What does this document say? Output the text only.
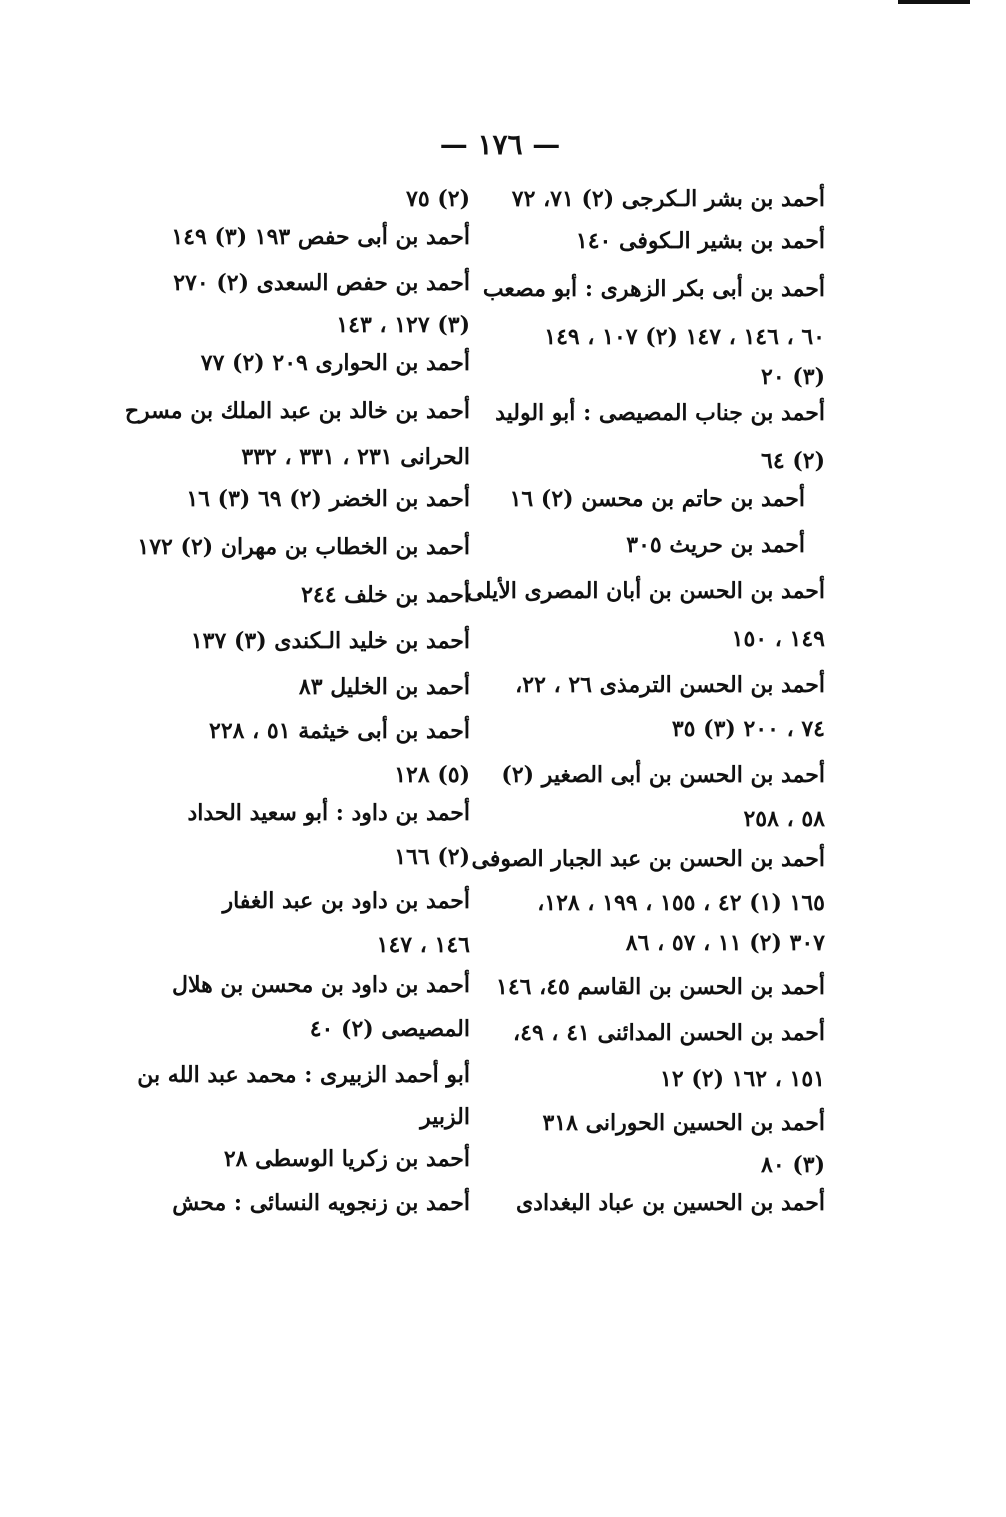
— ١٧٦ —
أحمد بن بشر الـكرجى (٢) ٧١، ٧٢
أحمد بن بشير الـكوفى ١٤٠
أحمد بن أبى بكر الزهرى : أبو مصعب
٦٠ ، ١٤٦ ، ١٤٧ (٢) ١٠٧ ، ١٤٩
(٣) ٢٠
أحمد بن جناب المصيصى : أبو الوليد
(٢) ٦٤
أحمد بن حاتم بن محسن (٢) ١٦
أحمد بن حريث ٣٠٥
أحمد بن الحسن بن أبان المصرى الأيلى
١٤٩ ، ١٥٠
أحمد بن الحسن الترمذى ٢٦ ، ٢٢،
٧٤ ، ٢٠٠ (٣) ٣٥
أحمد بن الحسن بن أبى الصغير (٢)
٥٨ ، ٢٥٨
أحمد بن الحسن بن عبد الجبار الصوفى
١٦٥ (١) ٤٢ ، ١٥٥ ، ١٩٩ ، ١٢٨،
٣٠٧ (٢) ١١ ، ٥٧ ، ٨٦
أحمد بن الحسن بن القاسم ٤٥، ١٤٦
أحمد بن الحسن المدائنى ٤١ ، ٤٩،
١٥١ ، ١٦٢ (٢) ١٢
أحمد بن الحسين الحورانى ٣١٨
(٣) ٨٠
أحمد بن الحسين بن عباد البغدادى
(٢) ٧٥
أحمد بن أبى حفص ١٩٣ (٣) ١٤٩
أحمد بن حفص السعدى (٢) ٢٧٠
(٣) ١٢٧ ، ١٤٣
أحمد بن الحوارى ٢٠٩ (٢) ٧٧
أحمد بن خالد بن عبد الملك بن مسرح
الحرانى ٢٣١ ، ٣٣١ ، ٣٣٢
أحمد بن الخضر (٢) ٦٩ (٣) ١٦
أحمد بن الخطاب بن مهران (٢) ١٧٢
أحمد بن خلف ٢٤٤
أحمد بن خليد الـكندى (٣) ١٣٧
أحمد بن الخليل ٨٣
أحمد بن أبى خيثمة ٥١ ، ٢٢٨
(٥) ١٢٨
أحمد بن داود : أبو سعيد الحداد
(٢) ١٦٦
أحمد بن داود بن عبد الغفار
١٤٦ ، ١٤٧
أحمد بن داود بن محسن بن هلال
المصيصى (٢) ٤٠
أبو أحمد الزبيرى : محمد عبد الله بن
الزبير
أحمد بن زكريا الوسطى ٢٨
أحمد بن زنجويه النسائى : محش
